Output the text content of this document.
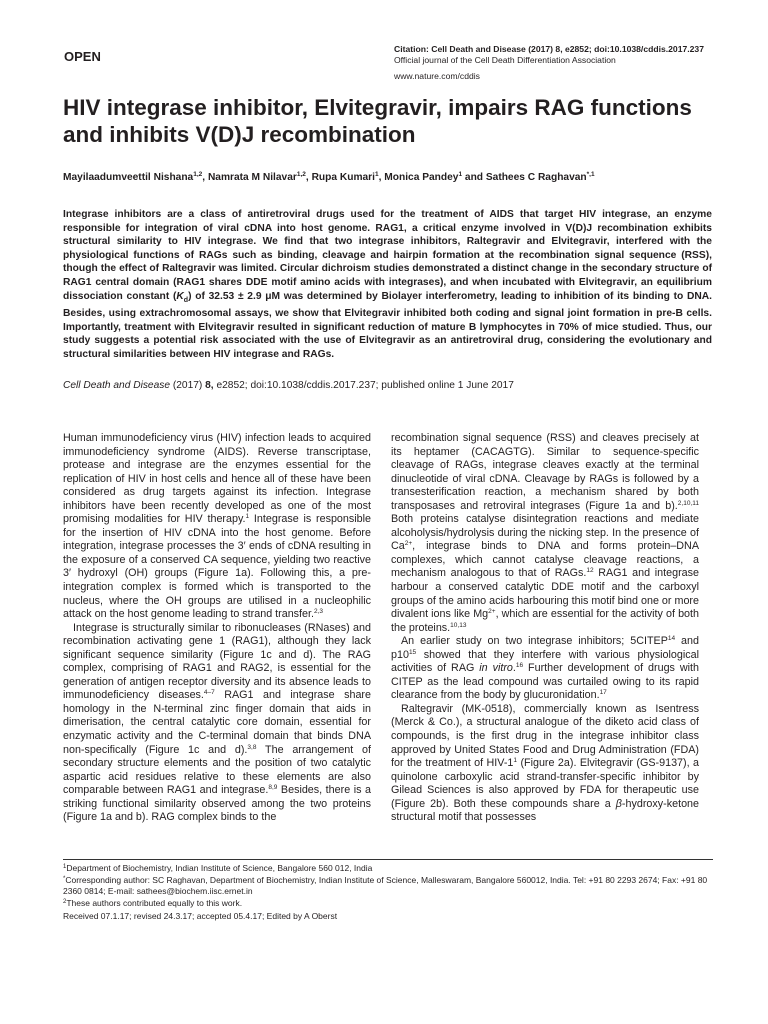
OPEN	Citation: Cell Death and Disease (2017) 8, e2852; doi:10.1038/cddis.2017.237
Official journal of the Cell Death Differentiation Association
www.nature.com/cddis
HIV integrase inhibitor, Elvitegravir, impairs RAG functions and inhibits V(D)J recombination
Mayilaadumveettil Nishana$^{1,2}$, Namrata M Nilavar$^{1,2}$, Rupa Kumari$^1$, Monica Pandey$^1$ and Sathees C Raghavan$^{*,1}$
Integrase inhibitors are a class of antiretroviral drugs used for the treatment of AIDS that target HIV integrase, an enzyme responsible for integration of viral cDNA into host genome. RAG1, a critical enzyme involved in V(D)J recombination exhibits structural similarity to HIV integrase. We find that two integrase inhibitors, Raltegravir and Elvitegravir, interfered with the physiological functions of RAGs such as binding, cleavage and hairpin formation at the recombination signal sequence (RSS), though the effect of Raltegravir was limited. Circular dichroism studies demonstrated a distinct change in the secondary structure of RAG1 central domain (RAG1 shares DDE motif amino acids with integrases), and when incubated with Elvitegravir, an equilibrium dissociation constant $(K_d)$ of 32.53 ± 2.9 μM was determined by Biolayer interferometry, leading to inhibition of its binding to DNA. Besides, using extrachromosomal assays, we show that Elvitegravir inhibited both coding and signal joint formation in pre-B cells. Importantly, treatment with Elvitegravir resulted in significant reduction of mature B lymphocytes in 70% of mice studied. Thus, our study suggests a potential risk associated with the use of Elvitegravir as an antiretroviral drug, considering the evolutionary and structural similarities between HIV integrase and RAGs.
Cell Death and Disease (2017) 8, e2852; doi:10.1038/cddis.2017.237; published online 1 June 2017

Human immunodeficiency virus (HIV) infection leads to acquired immunodeficiency syndrome (AIDS). Reverse transcriptase, protease and integrase are the enzymes essential for the replication of HIV in host cells and hence all of these have been considered as drug targets against its infection. Integrase inhibitors have been recently developed as one of the most promising modalities for HIV therapy.$^1$ Integrase is responsible for the insertion of HIV cDNA into the host genome. Before integration, integrase processes the 3′ ends of cDNA resulting in the exposure of a conserved CA sequence, yielding two reactive 3′ hydroxyl (OH) groups (Figure 1a). Following this, a pre-integration complex is formed which is transported to the nucleus, where the OH groups are utilised in a nucleophilic attack on the host genome leading to strand transfer.$^{2,3}$

Integrase is structurally similar to ribonucleases (RNases) and recombination activating gene 1 (RAG1), although they lack significant sequence similarity (Figure 1c and d). The RAG complex, comprising of RAG1 and RAG2, is essential for the generation of antigen receptor diversity and its absence leads to immunodeficiency diseases.$^{4-7}$ RAG1 and integrase share homology in the N-terminal zinc finger domain that aids in dimerisation, the central catalytic core domain, essential for enzymatic activity and the C-terminal domain that binds DNA non-specifically (Figure 1c and d).$^{3,8}$ The arrangement of secondary structure elements and the position of two catalytic aspartic acid residues relative to these elements are also comparable between RAG1 and integrase.$^{8,9}$ Besides, there is a striking functional similarity observed among the two proteins (Figure 1a and b). RAG complex binds to the

recombination signal sequence (RSS) and cleaves precisely at its heptamer (CACAGTG). Similar to sequence-specific cleavage of RAGs, integrase cleaves exactly at the terminal dinucleotide of viral cDNA. Cleavage by RAGs is followed by a transesterification reaction, a mechanism shared by both transposases and retroviral integrases (Figure 1a and b).$^{2,10,11}$ Both proteins catalyse disintegration reactions and mediate alcoholysis/hydrolysis during the nicking step. In the presence of $Ca^{2+}$, integrase binds to DNA and forms protein–DNA complexes, which cannot catalyse cleavage reactions, a mechanism analogous to that of RAGs.$^{12}$ RAG1 and integrase harbour a conserved catalytic DDE motif and the carboxyl groups of the amino acids harbouring this motif bind one or more divalent ions like $Mg^{2+}$, which are essential for the activity of both the proteins.$^{10,13}$

An earlier study on two integrase inhibitors; 5CITEP$^{14}$ and $p10^{15}$ showed that they interfere with various physiological activities of RAG in vitro.$^{16}$ Further development of drugs with CITEP as the lead compound was curtailed owing to its rapid clearance from the body by glucuronidation.$^{17}$

Raltegravir (MK-0518), commercially known as Isentress (Merck & Co.), a structural analogue of the diketo acid class of compounds, is the first drug in the integrase inhibitor class approved by United States Food and Drug Administration (FDA) for the treatment of HIV-$1^1$ (Figure 2a). Elvitegravir (GS-9137), a quinolone carboxylic acid strand-transfer-specific inhibitor by Gilead Sciences is also approved by FDA for therapeutic use (Figure 2b). Both these compounds share a β-hydroxy-ketone structural motif that possesses

$^1$Department of Biochemistry, Indian Institute of Science, Bangalore 560 012, India
*Corresponding author: SC Raghavan, Department of Biochemistry, Indian Institute of Science, Malleswaram, Bangalore 560012, India. Tel: +91 80 2293 2674; Fax: +91 80
2360 0814; E-mail: sathees@biochem.iisc.ernet.in
$^2$These authors contributed equally to this work.
Received 07.1.17; revised 24.3.17; accepted 05.4.17; Edited by A Oberst
